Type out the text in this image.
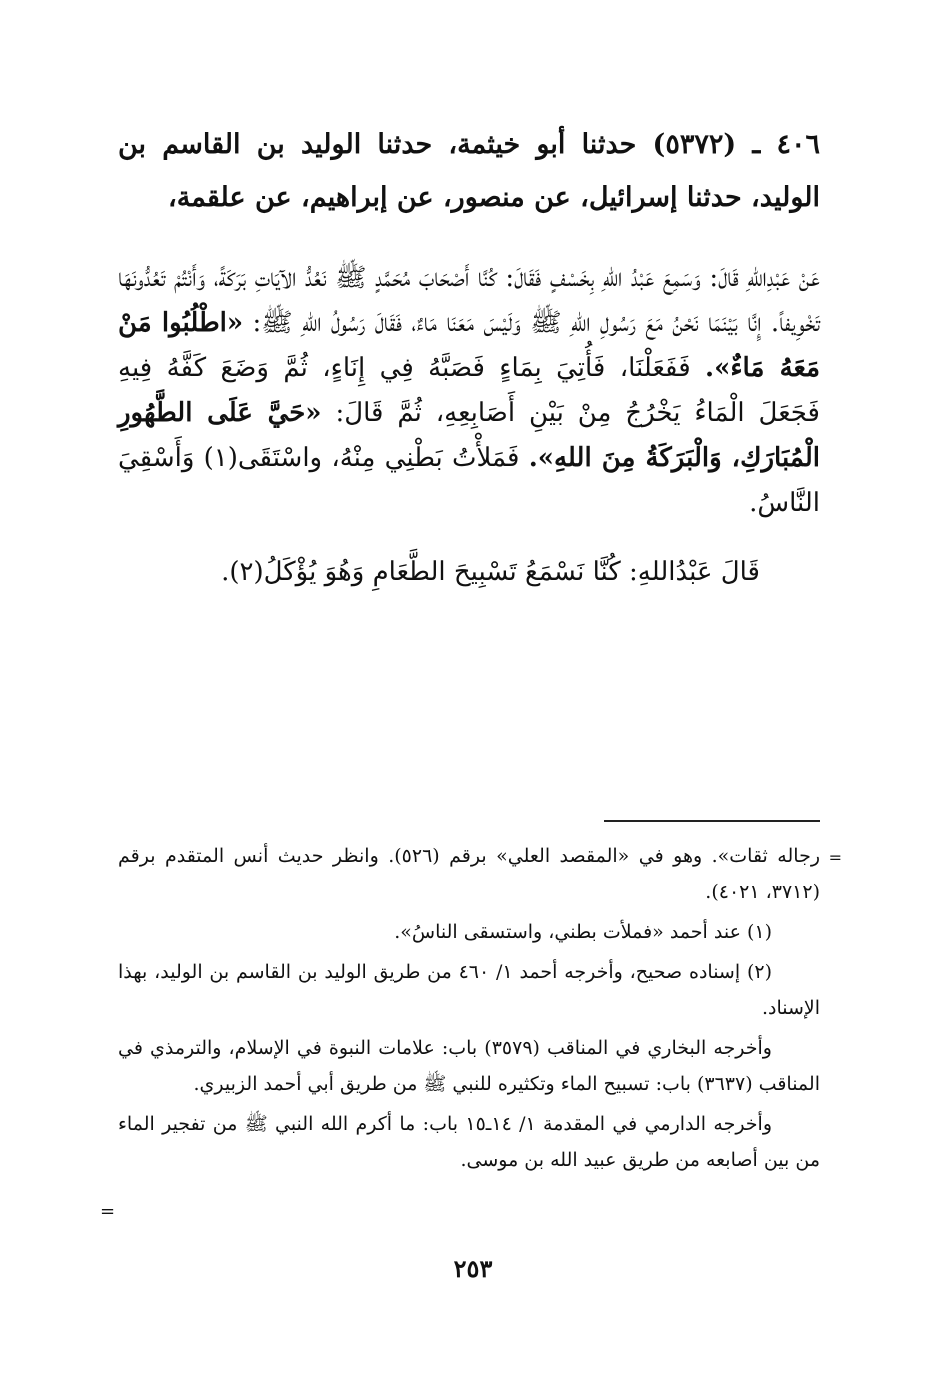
٤٠٦ ـ (٥٣٧٢) حدثنا أبو خيثمة، حدثنا الوليد بن القاسم بن الوليد، حدثنا إسرائيل، عن منصور، عن إبراهيم، عن علقمة،

عَنْ عَبْدِاللهِ قَالَ: وَسَمِعَ عَبْدُ اللهِ بِخَسْفٍ فَقَالَ: كُنَّا أَصْحَابَ مُحَمَّدٍ ﷺ نَعُدُّ الآيَاتِ بَرَكَةً، وَأَنْتُمْ تَعُدُّونَهَا تَخْوِيفاً. إِنَّا بَيْنَمَا نَحْنُ مَعَ رَسُولِ اللهِ ﷺ وَلَيْسَ مَعَنَا مَاءٌ، فَقَالَ رَسُولُ اللهِ ﷺ: «اطْلُبُوا مَنْ مَعَهُ مَاءٌ». فَفَعَلْنَا، فَأُتِيَ بِمَاءٍ فَصَبَّهُ فِي إِنَاءٍ، ثُمَّ وَضَعَ كَفَّهُ فِيهِ فَجَعَلَ الْمَاءُ يَخْرُجُ مِنْ بَيْنِ أَصَابِعِهِ، ثُمَّ قَالَ: «حَيَّ عَلَى الطَّهُورِ الْمُبَارَكِ، وَالْبَرَكَةُ مِنَ اللهِ». فَمَلأْتُ بَطْنِي مِنْهُ، واسْتَقَى(١) وَأَسْقِيَ النَّاسُ.

قَالَ عَبْدُاللهِ: كُنَّا نَسْمَعُ تَسْبِيحَ الطَّعَامِ وَهُوَ يُؤْكَلُ(٢).

=

رجاله ثقات». وهو في «المقصد العلي» برقم (٥٢٦). وانظر حديث أنس المتقدم برقم (٣٧١٢، ٤٠٢١).

(١) عند أحمد «فملأت بطني، واستسقى الناسُ».

(٢) إسناده صحيح، وأخرجه أحمد ١/ ٤٦٠ من طريق الوليد بن القاسم بن الوليد، بهذا الإسناد.

وأخرجه البخاري في المناقب (٣٥٧٩) باب: علامات النبوة في الإسلام، والترمذي في المناقب (٣٦٣٧) باب: تسبيح الماء وتكثيره للنبي ﷺ من طريق أبي أحمد الزبيري.

وأخرجه الدارمي في المقدمة ١/ ١٤ـ١٥ باب: ما أكرم الله النبي ﷺ من تفجير الماء من بين أصابعه من طريق عبيد الله بن موسى.

=
٢٥٣
